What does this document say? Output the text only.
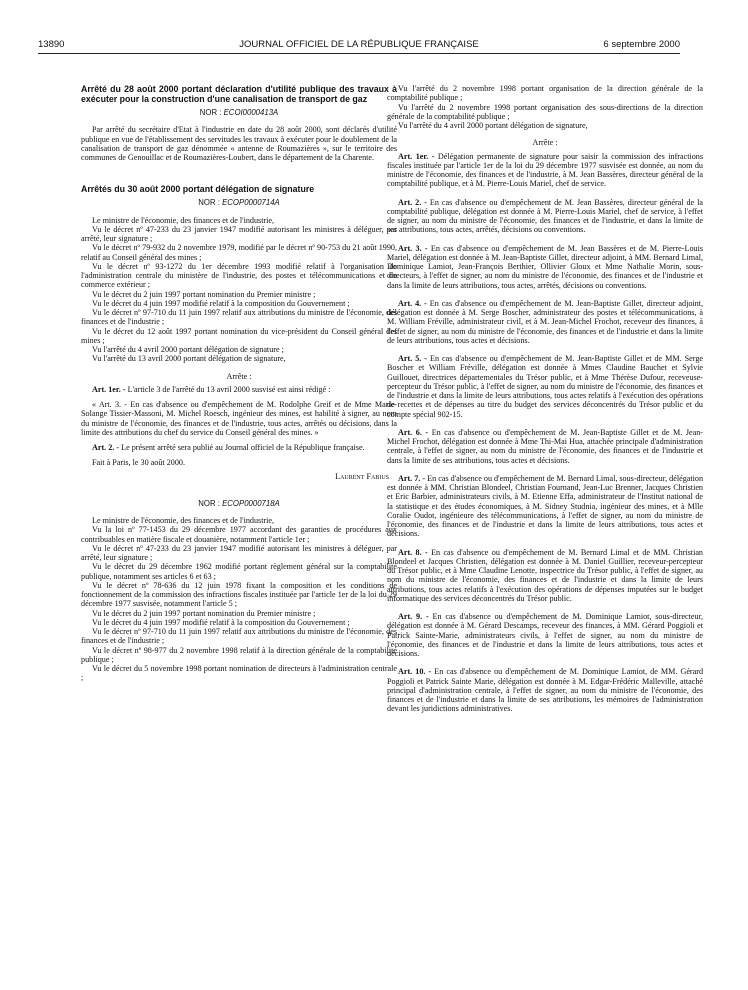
13890	JOURNAL OFFICIEL DE LA RÉPUBLIQUE FRANÇAISE	6 septembre 2000

Arrêté du 28 août 2000 portant déclaration d'utilité publique des travaux à exécuter pour la construction d'une canalisation de transport de gaz

NOR : ECOI0000413A

Par arrêté du secrétaire d'Etat à l'industrie en date du 28 août 2000, sont déclarés d'utilité publique en vue de l'établissement des servitudes les travaux à exécuter pour le doublement de la canalisation de transport de gaz dénommée « antenne de Roumazières », sur le territoire des communes de Genouillac et de Roumazières-Loubert, dans le département de la Charente.

Arrêtés du 30 août 2000 portant délégation de signature

NOR : ECOP0000714A

Le ministre de l'économie, des finances et de l'industrie,

Vu le décret nº 47-233 du 23 janvier 1947 modifié autorisant les ministres à déléguer, par arrêté, leur signature ;

Vu le décret nº 79-932 du 2 novembre 1979, modifié par le décret nº 90-753 du 21 août 1990, relatif au Conseil général des mines ;

Vu le décret nº 93-1272 du 1er décembre 1993 modifié relatif à l'organisation de l'administration centrale du ministère de l'industrie, des postes et télécommunications et du commerce extérieur ;

Vu le décret du 2 juin 1997 portant nomination du Premier ministre ;

Vu le décret du 4 juin 1997 modifié relatif à la composition du Gouvernement ;

Vu le décret nº 97-710 du 11 juin 1997 relatif aux attributions du ministre de l'économie, des finances et de l'industrie ;

Vu le décret du 12 août 1997 portant nomination du vice-président du Conseil général des mines ;

Vu l'arrêté du 4 avril 2000 portant délégation de signature ;

Vu l'arrêté du 13 avril 2000 portant délégation de signature,

Arrête :

Art. 1er. - L'article 3 de l'arrêté du 13 avril 2000 susvisé est ainsi rédigé :

« Art. 3. - En cas d'absence ou d'empêchement de M. Rodolphe Greif et de Mme Marie-Solange Tissier-Massoni, M. Michel Roesch, ingénieur des mines, est habilité à signer, au nom du ministre de l'économie, des finances et de l'industrie, tous actes, arrêtés ou décisions, dans la limite des attributions du chef du service du Conseil général des mines. »

Art. 2. - Le présent arrêté sera publié au Journal officiel de la République française.

Fait à Paris, le 30 août 2000.

Laurent Fabius
NOR : ECOP0000718A

Le ministre de l'économie, des finances et de l'industrie,

Vu la loi nº 77-1453 du 29 décembre 1977 accordant des garanties de procédures aux contribuables en matière fiscale et douanière, notamment l'article 1er ;

Vu le décret nº 47-233 du 23 janvier 1947 modifié autorisant les ministres à déléguer, par arrêté, leur signature ;

Vu le décret du 29 décembre 1962 modifié portant règlement général sur la comptabilité publique, notamment ses articles 6 et 63 ;

Vu le décret nº 78-636 du 12 juin 1978 fixant la composition et les conditions de fonctionnement de la commission des infractions fiscales instituée par l'article 1er de la loi du 29 décembre 1977 susvisée, notamment l'article 5 ;

Vu le décret du 2 juin 1997 portant nomination du Premier ministre ;

Vu le décret du 4 juin 1997 modifié relatif à la composition du Gouvernement ;

Vu le décret nº 97-710 du 11 juin 1997 relatif aux attributions du ministre de l'économie, des finances et de l'industrie ;

Vu le décret nº 98-977 du 2 novembre 1998 relatif à la direction générale de la comptabilité publique ;

Vu le décret du 5 novembre 1998 portant nomination de directeurs à l'administration centrale ;

Vu l'arrêté du 2 novembre 1998 portant organisation de la direction générale de la comptabilité publique ;

Vu l'arrêté du 2 novembre 1998 portant organisation des sous-directions de la direction générale de la comptabilité publique ;

Vu l'arrêté du 4 avril 2000 portant délégation de signature,

Arrête :

Art. 1er. - Délégation permanente de signature pour saisir la commission des infractions fiscales instituée par l'article 1er de la loi du 29 décembre 1977 susvisée est donnée, au nom du ministre de l'économie, des finances et de l'industrie, à M. Jean Bassères, directeur général de la comptabilité publique, et à M. Pierre-Louis Mariel, chef de service.

Art. 2. - En cas d'absence ou d'empêchement de M. Jean Bassères, directeur général de la comptabilité publique, délégation est donnée à M. Pierre-Louis Mariel, chef de service, à l'effet de signer, au nom du ministre de l'économie, des finances et de l'industrie, et dans la limite de ses attributions, tous actes, arrêtés, décisions ou conventions.

Art. 3. - En cas d'absence ou d'empêchement de M. Jean Bassères et de M. Pierre-Louis Mariel, délégation est donnée à M. Jean-Baptiste Gillet, directeur adjoint, à MM. Bernard Limal, Dominique Lamiot, Jean-François Berthier, Ollivier Gloux et Mme Nathalie Morin, sous-directeurs, à l'effet de signer, au nom du ministre de l'économie, des finances et de l'industrie et dans la limite de leurs attributions, tous actes, arrêtés, décisions ou conventions.

Art. 4. - En cas d'absence ou d'empêchement de M. Jean-Baptiste Gillet, directeur adjoint, délégation est donnée à M. Serge Boscher, administrateur des postes et télécommunications, à M. William Fréville, administrateur civil, et à M. Jean-Michel Frochot, receveur des finances, à l'effet de signer, au nom du ministre de l'économie, des finances et de l'industrie et dans la limite de leurs attributions, tous actes et décisions.

Art. 5. - En cas d'absence ou d'empêchement de M. Jean-Baptiste Gillet et de MM. Serge Boscher et William Fréville, délégation est donnée à Mmes Claudine Bauchet et Sylvie Guillouet, directrices départementales du Trésor public, et à Mme Thérèse Dufour, receveuse-percepteur du Trésor public, à l'effet de signer, au nom du ministre de l'économie, des finances et de l'industrie et dans la limite de leurs attributions, tous actes relatifs à l'exécution des opérations de recettes et de dépenses au titre du budget des services déconcentrés du Trésor public et du compte spécial 902-15.

Art. 6. - En cas d'absence ou d'empêchement de M. Jean-Baptiste Gillet et de M. Jean-Michel Frochot, délégation est donnée à Mme Thi-Mai Hua, attachée principale d'administration centrale, à l'effet de signer, au nom du ministre de l'économie, des finances et de l'industrie et dans la limite de ses attributions, tous actes et décisions.

Art. 7. - En cas d'absence ou d'empêchement de M. Bernard Limal, sous-directeur, délégation est donnée à MM. Christian Blondeel, Christian Fournand, Jean-Luc Brenner, Jacques Christien et Eric Barbier, administrateurs civils, à M. Etienne Effa, administrateur de l'Institut national de la statistique et des études économiques, à M. Sidney Studnia, ingénieur des mines, et à Mlle Coralie Oudot, ingénieure des télécommunications, à l'effet de signer, au nom du ministre de l'économie, des finances et de l'industrie et dans la limite de leurs attributions, tous actes et décisions.

Art. 8. - En cas d'absence ou d'empêchement de M. Bernard Limal et de MM. Christian Blondeel et Jacques Christien, délégation est donnée à M. Daniel Guillier, receveur-percepteur du Trésor public, et à Mme Claudine Lenotte, inspectrice du Trésor public, à l'effet de signer, au nom du ministre de l'économie, des finances et de l'industrie et dans la limite de leurs attributions, tous actes relatifs à l'exécution des opérations de dépenses imputées sur le budget informatique des services déconcentrés du Trésor public.

Art. 9. - En cas d'absence ou d'empêchement de M. Dominique Lamiot, sous-directeur, délégation est donnée à M. Gérard Descamps, receveur des finances, à MM. Gérard Poggioli et Patrick Sainte-Marie, administrateurs civils, à l'effet de signer, au nom du ministre de l'économie, des finances et de l'industrie et dans la limite de leurs attributions, tous actes et décisions.

Art. 10. - En cas d'absence ou d'empêchement de M. Dominique Lamiot, de MM. Gérard Poggioli et Patrick Sainte Marie, délégation est donnée à M. Edgar-Frédéric Malleville, attaché principal d'administration centrale, à l'effet de signer, au nom du ministre de l'économie, des finances et de l'industrie et dans la limite de ses attributions, les mémoires de l'administration devant les juridictions administratives.
